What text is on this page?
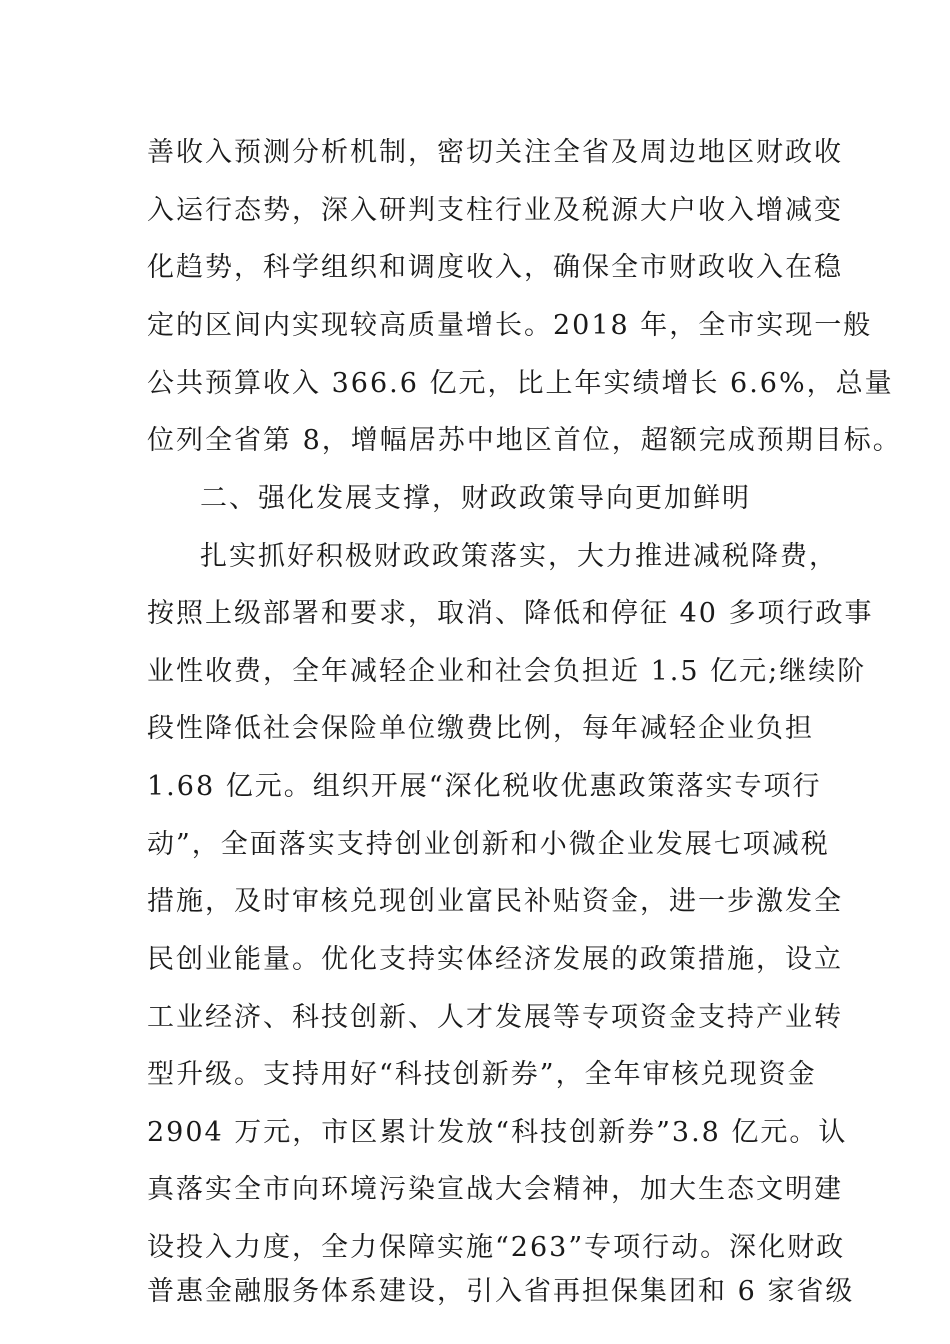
善收入预测分析机制，密切关注全省及周边地区财政收
入运行态势，深入研判支柱行业及税源大户收入增减变
化趋势，科学组织和调度收入，确保全市财政收入在稳
定的区间内实现较高质量增长。2018 年，全市实现一般
公共预算收入 366.6 亿元，比上年实绩增长 6.6%，总量
位列全省第 8，增幅居苏中地区首位，超额完成预期目标。
二、强化发展支撑，财政政策导向更加鲜明
扎实抓好积极财政政策落实，大力推进减税降费，
按照上级部署和要求，取消、降低和停征 40 多项行政事
业性收费，全年减轻企业和社会负担近 1.5 亿元;继续阶
段性降低社会保险单位缴费比例，每年减轻企业负担
1.68 亿元。组织开展“深化税收优惠政策落实专项行
动”，全面落实支持创业创新和小微企业发展七项减税
措施，及时审核兑现创业富民补贴资金，进一步激发全
民创业能量。优化支持实体经济发展的政策措施，设立
工业经济、科技创新、人才发展等专项资金支持产业转
型升级。支持用好“科技创新券”，全年审核兑现资金
2904 万元，市区累计发放“科技创新券”3.8 亿元。认
真落实全市向环境污染宣战大会精神，加大生态文明建
设投入力度，全力保障实施“263”专项行动。深化财政
普惠金融服务体系建设，引入省再担保集团和 6 家省级
